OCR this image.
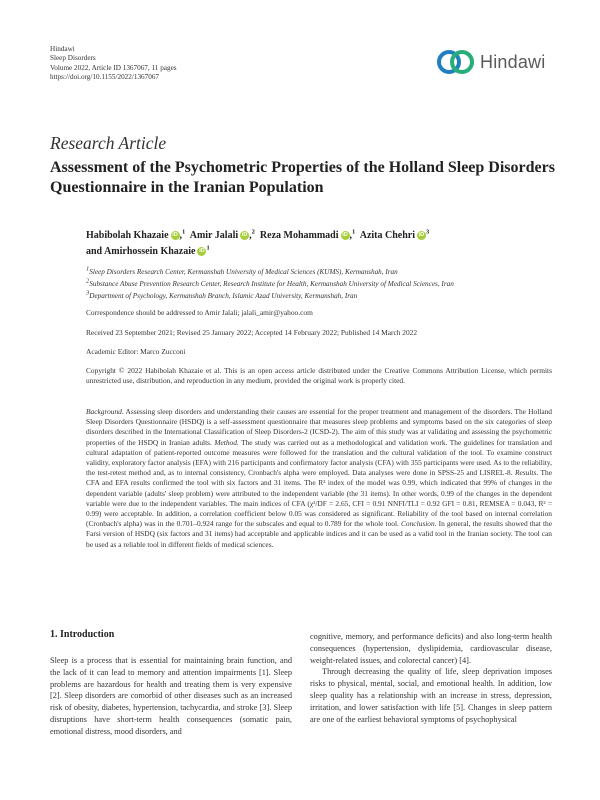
Hindawi
Sleep Disorders
Volume 2022, Article ID 1367067, 11 pages
https://doi.org/10.1155/2022/1367067
Hindawi
Research Article
Assessment of the Psychometric Properties of the Holland Sleep Disorders Questionnaire in the Iranian Population
Habibolah Khazaie iD ,$^1$ Amir Jalali iD ,$^2$ Reza Mohammadi iD ,$^1$ Azita Chehri iD $^3$
and Amirhossein Khazaie iD $^1$
1Sleep Disorders Research Center, Kermanshah University of Medical Sciences (KUMS), Kermanshah, Iran
2Substance Abuse Prevention Research Center, Research Institute for Health, Kermanshah University of Medical Sciences, Iran
3Department of Psychology, Kermanshah Branch, Islamic Azad University, Kermanshah, Iran
Correspondence should be addressed to Amir Jalali; jalali_amir@yahoo.com
Received 23 September 2021; Revised 25 January 2022; Accepted 14 February 2022; Published 14 March 2022
Academic Editor: Marco Zucconi
Copyright © 2022 Habibolah Khazaie et al. This is an open access article distributed under the Creative Commons Attribution License, which permits unrestricted use, distribution, and reproduction in any medium, provided the original work is properly cited.
Background. Assessing sleep disorders and understanding their causes are essential for the proper treatment and management of the disorders. The Holland Sleep Disorders Questionnaire (HSDQ) is a self-assessment questionnaire that measures sleep problems and symptoms based on the six categories of sleep disorders described in the International Classification of Sleep Disorders-2 (ICSD-2). The aim of this study was at validating and assessing the psychometric properties of the HSDQ in Iranian adults. Method. The study was carried out as a methodological and validation work. The guidelines for translation and cultural adaptation of patient-reported outcome measures were followed for the translation and the cultural validation of the tool. To examine construct validity, exploratory factor analysis (EFA) with 216 participants and confirmatory factor analysis (CFA) with 355 participants were used. As to the reliability, the test-retest method and, as to internal consistency, Cronbach's alpha were employed. Data analyses were done in SPSS-25 and LISREL-8. Results. The CFA and EFA results confirmed the tool with six factors and 31 items. The R² index of the model was 0.99, which indicated that 99% of changes in the dependent variable (adults' sleep problem) were attributed to the independent variable (the 31 items). In other words, 0.99 of the changes in the dependent variable were due to the independent variables. The main indices of CFA (χ²/DF = 2.65, CFI = 0.91 NNFI/TLI = 0.92 GFI = 0.81, REMSEA = 0.043, R² = 0.99) were acceptable. In addition, a correlation coefficient below 0.05 was considered as significant. Reliability of the tool based on internal correlation (Cronbach's alpha) was in the 0.701–0.924 range for the subscales and equal to 0.789 for the whole tool. Conclusion. In general, the results showed that the Farsi version of HSDQ (six factors and 31 items) had acceptable and applicable indices and it can be used as a valid tool in the Iranian society. The tool can be used as a reliable tool in different fields of medical sciences.
1. Introduction

Sleep is a process that is essential for maintaining brain function, and the lack of it can lead to memory and attention impairments [1]. Sleep problems are hazardous for health and treating them is very expensive [2]. Sleep disorders are comorbid of other diseases such as an increased risk of obesity, diabetes, hypertension, tachycardia, and stroke [3]. Sleep disruptions have short-term health consequences (somatic pain, emotional distress, mood disorders, and

cognitive, memory, and performance deficits) and also long-term health consequences (hypertension, dyslipidemia, cardiovascular disease, weight-related issues, and colorectal cancer) [4].

Through decreasing the quality of life, sleep deprivation imposes risks to physical, mental, social, and emotional health. In addition, low sleep quality has a relationship with an increase in stress, depression, irritation, and lower satisfaction with life [5]. Changes in sleep pattern are one of the earliest behavioral symptoms of psychophysical
